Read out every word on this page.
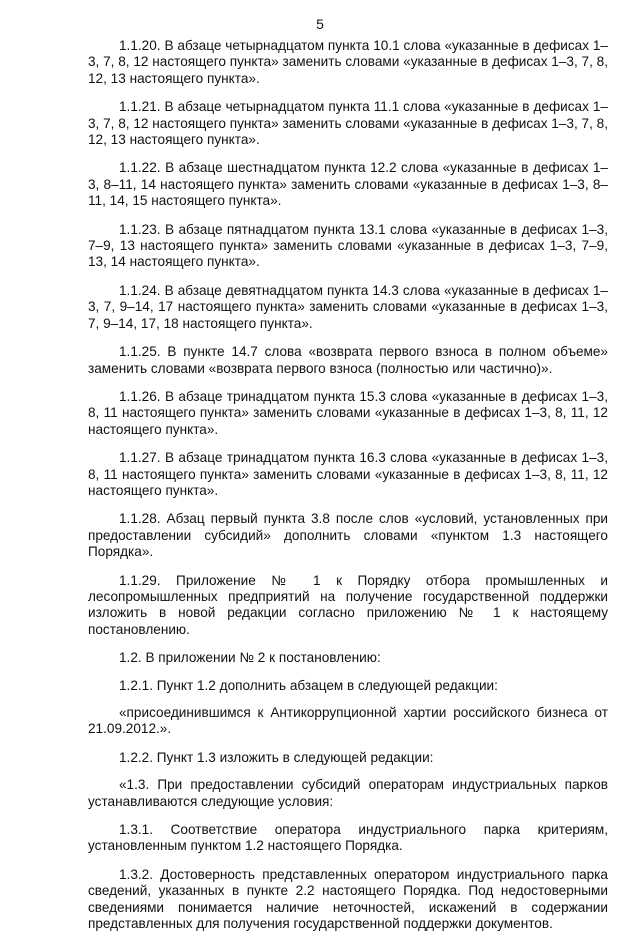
5

1.1.20. В абзаце четырнадцатом пункта 10.1 слова «указанные в дефисах 1–3, 7, 8, 12 настоящего пункта» заменить словами «указанные в дефисах 1–3, 7, 8, 12, 13 настоящего пункта».

1.1.21. В абзаце четырнадцатом пункта 11.1 слова «указанные в дефисах 1–3, 7, 8, 12 настоящего пункта» заменить словами «указанные в дефисах 1–3, 7, 8, 12, 13 настоящего пункта».

1.1.22. В абзаце шестнадцатом пункта 12.2 слова «указанные в дефисах 1–3, 8–11, 14 настоящего пункта» заменить словами «указанные в дефисах 1–3, 8–11, 14, 15 настоящего пункта».

1.1.23. В абзаце пятнадцатом пункта 13.1 слова «указанные в дефисах 1–3, 7–9, 13 настоящего пункта» заменить словами «указанные в дефисах 1–3, 7–9, 13, 14 настоящего пункта».

1.1.24. В абзаце девятнадцатом пункта 14.3 слова «указанные в дефисах 1–3, 7, 9–14, 17 настоящего пункта» заменить словами «указанные в дефисах 1–3, 7, 9–14, 17, 18 настоящего пункта».

1.1.25. В пункте 14.7 слова «возврата первого взноса в полном объеме» заменить словами «возврата первого взноса (полностью или частично)».

1.1.26. В абзаце тринадцатом пункта 15.3 слова «указанные в дефисах 1–3, 8, 11 настоящего пункта» заменить словами «указанные в дефисах 1–3, 8, 11, 12 настоящего пункта».

1.1.27. В абзаце тринадцатом пункта 16.3 слова «указанные в дефисах 1–3, 8, 11 настоящего пункта» заменить словами «указанные в дефисах 1–3, 8, 11, 12 настоящего пункта».

1.1.28. Абзац первый пункта 3.8 после слов «условий, установленных при предоставлении субсидий» дополнить словами «пунктом 1.3 настоящего Порядка».

1.1.29. Приложение № 1 к Порядку отбора промышленных и лесопромышленных предприятий на получение государственной поддержки изложить в новой редакции согласно приложению № 1 к настоящему постановлению.

1.2. В приложении № 2 к постановлению:

1.2.1. Пункт 1.2 дополнить абзацем в следующей редакции:

«присоединившимся к Антикоррупционной хартии российского бизнеса от 21.09.2012.».

1.2.2. Пункт 1.3 изложить в следующей редакции:

«1.3. При предоставлении субсидий операторам индустриальных парков устанавливаются следующие условия:

1.3.1. Соответствие оператора индустриального парка критериям, установленным пунктом 1.2 настоящего Порядка.

1.3.2. Достоверность представленных оператором индустриального парка сведений, указанных в пункте 2.2 настоящего Порядка. Под недостоверными сведениями понимается наличие неточностей, искажений в содержании представленных для получения государственной поддержки документов.
